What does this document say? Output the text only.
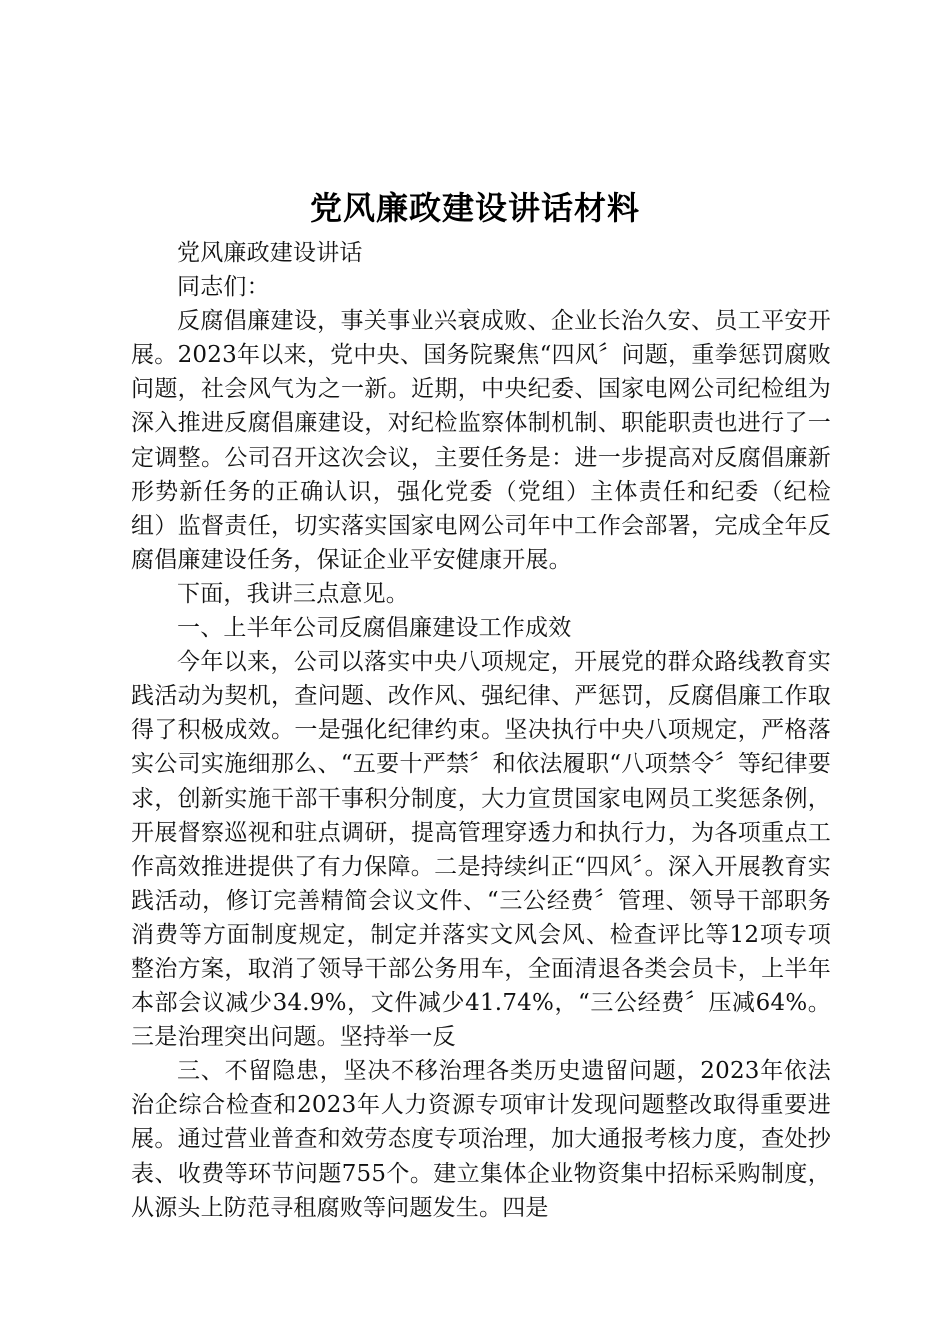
党风廉政建设讲话材料

党风廉政建设讲话

同志们：

反腐倡廉建设，事关事业兴衰成败、企业长治久安、员工平安开展。2023年以来，党中央、国务院聚焦“四风〞问题，重拳惩罚腐败问题，社会风气为之一新。近期，中央纪委、国家电网公司纪检组为深入推进反腐倡廉建设，对纪检监察体制机制、职能职责也进行了一定调整。公司召开这次会议，主要任务是：进一步提高对反腐倡廉新形势新任务的正确认识，强化党委（党组）主体责任和纪委（纪检组）监督责任，切实落实国家电网公司年中工作会部署，完成全年反腐倡廉建设任务，保证企业平安健康开展。

下面，我讲三点意见。

一、上半年公司反腐倡廉建设工作成效

今年以来，公司以落实中央八项规定，开展党的群众路线教育实践活动为契机，查问题、改作风、强纪律、严惩罚，反腐倡廉工作取得了积极成效。一是强化纪律约束。坚决执行中央八项规定，严格落实公司实施细那么、“五要十严禁〞和依法履职“八项禁令〞等纪律要求，创新实施干部干事积分制度，大力宣贯国家电网员工奖惩条例，开展督察巡视和驻点调研，提高管理穿透力和执行力，为各项重点工作高效推进提供了有力保障。二是持续纠正“四风〞。深入开展教育实践活动，修订完善精简会议文件、“三公经费〞管理、领导干部职务消费等方面制度规定，制定并落实文风会风、检查评比等12项专项整治方案，取消了领导干部公务用车，全面清退各类会员卡，上半年本部会议减少34.9%，文件减少41.74%，“三公经费〞压减64%。三是治理突出问题。坚持举一反

三、不留隐患，坚决不移治理各类历史遗留问题，2023年依法治企综合检查和2023年人力资源专项审计发现问题整改取得重要进展。通过营业普查和效劳态度专项治理，加大通报考核力度，查处抄表、收费等环节问题755个。建立集体企业物资集中招标采购制度，从源头上防范寻租腐败等问题发生。四是
